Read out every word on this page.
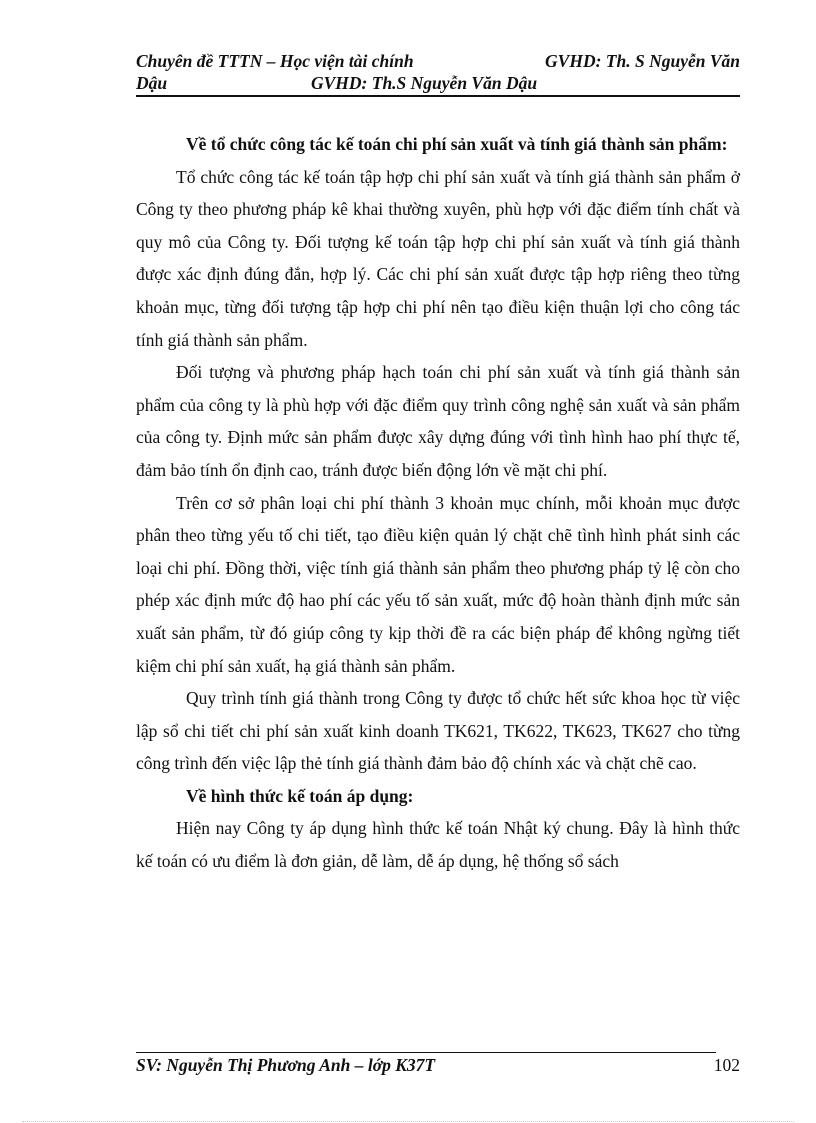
Chuyên đề TTTN – Học viện tài chính	GVHD: Th. S Nguyễn Văn
Dậu	GVHD: Th.S Nguyễn Văn Dậu

Về tổ chức công tác kế toán chi phí sản xuất và tính giá thành sản phẩm:

Tổ chức công tác kế toán tập hợp chi phí sản xuất và tính giá thành sản phẩm ở Công ty theo phương pháp kê khai thường xuyên, phù hợp với đặc điểm tính chất và quy mô của Công ty. Đối tượng kế toán tập hợp chi phí sản xuất và tính giá thành được xác định đúng đắn, hợp lý. Các chi phí sản xuất được tập hợp riêng theo từng khoản mục, từng đối tượng tập hợp chi phí nên tạo điều kiện thuận lợi cho công tác tính giá thành sản phẩm.

Đối tượng và phương pháp hạch toán chi phí sản xuất và tính giá thành sản phẩm của công ty là phù hợp với đặc điểm quy trình công nghệ sản xuất và sản phẩm của công ty. Định mức sản phẩm được xây dựng đúng với tình hình hao phí thực tế, đảm bảo tính ổn định cao, tránh được biến động lớn về mặt chi phí.

Trên cơ sở phân loại chi phí thành 3 khoản mục chính, mỗi khoản mục được phân theo từng yếu tố chi tiết, tạo điều kiện quản lý chặt chẽ tình hình phát sinh các loại chi phí. Đồng thời, việc tính giá thành sản phẩm theo phương pháp tỷ lệ còn cho phép xác định mức độ hao phí các yếu tố sản xuất, mức độ hoàn thành định mức sản xuất sản phẩm, từ đó giúp công ty kịp thời đề ra các biện pháp để không ngừng tiết kiệm chi phí sản xuất, hạ giá thành sản phẩm.

Quy trình tính giá thành trong Công ty được tổ chức hết sức khoa học từ việc lập sổ chi tiết chi phí sản xuất kinh doanh TK621, TK622, TK623, TK627 cho từng công trình đến việc lập thẻ tính giá thành đảm bảo độ chính xác và chặt chẽ cao.

Về hình thức kế toán áp dụng:

Hiện nay Công ty áp dụng hình thức kế toán Nhật ký chung. Đây là hình thức kế toán có ưu điểm là đơn giản, dễ làm, dễ áp dụng, hệ thống sổ sách

SV: Nguyễn Thị Phương Anh – lớp K37T	102
